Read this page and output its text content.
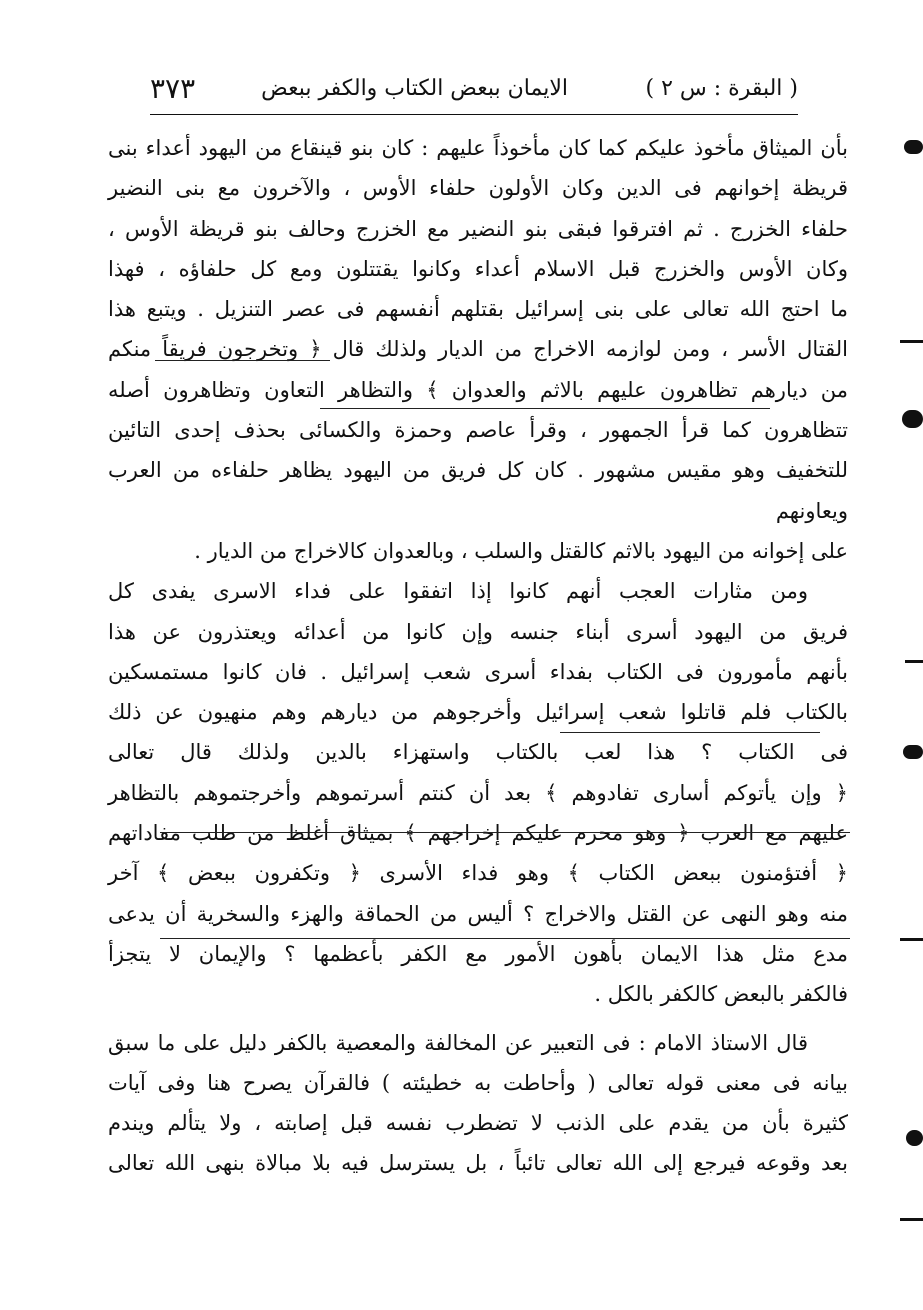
( البقرة : س ٢ )
الايمان ببعض الكتاب والكفر ببعض
٣٧٣

بأن الميثاق مأخوذ عليكم كما كان مأخوذاً عليهم : كان بنو قينقاع من اليهود أعداء بنى

قريظة إخوانهم فى الدين وكان الأولون حلفاء الأوس ، والآخرون مع بنى النضير

حلفاء الخزرج . ثم افترقوا فبقى بنو النضير مع الخزرج وحالف بنو قريظة الأوس ،

وكان الأوس والخزرج قبل الاسلام أعداء وكانوا يقتتلون ومع كل حلفاؤه ، فهذا

ما احتج الله تعالى على بنى إسرائيل بقتلهم أنفسهم فى عصر التنزيل . ويتبع هذا

القتال الأسر ، ومن لوازمه الاخراج من الديار ولذلك قال ﴿ وتخرجون فريقاً منكم

من ديارهم تظاهرون عليهم بالاثم والعدوان ﴾ والتظاهر التعاون وتظاهرون أصله

تتظاهرون كما قرأ الجمهور ، وقرأ عاصم وحمزة والكسائى بحذف إحدى التائين

للتخفيف وهو مقيس مشهور . كان كل فريق من اليهود يظاهر حلفاءه من العرب ويعاونهم

على إخوانه من اليهود بالاثم كالقتل والسلب ، وبالعدوان كالاخراج من الديار .

ومن مثارات العجب أنهم كانوا إذا اتفقوا على فداء الاسرى يفدى كل

فريق من اليهود أسرى أبناء جنسه وإن كانوا من أعدائه ويعتذرون عن هذا

بأنهم مأمورون فى الكتاب بفداء أسرى شعب إسرائيل . فان كانوا مستمسكين

بالكتاب فلم قاتلوا شعب إسرائيل وأخرجوهم من ديارهم وهم منهيون عن ذلك

فى الكتاب ؟ هذا لعب بالكتاب واستهزاء بالدين ولذلك قال تعالى

﴿ وإن يأتوكم أسارى تفادوهم ﴾ بعد أن كنتم أسرتموهم وأخرجتموهم بالتظاهر

عليهم مع العرب ﴿ وهو محرم عليكم إخراجهم ﴾ بميثاق أغلظ من طلب مفاداتهم

﴿ أفتؤمنون ببعض الكتاب ﴾ وهو فداء الأسرى ﴿ وتكفرون ببعض ﴾ آخر

منه وهو النهى عن القتل والاخراج ؟ أليس من الحماقة والهزء والسخرية أن يدعى

مدع مثل هذا الايمان بأهون الأمور مع الكفر بأعظمها ؟ والإيمان لا يتجزأ

فالكفر بالبعض كالكفر بالكل .

قال الاستاذ الامام : فى التعبير عن المخالفة والمعصية بالكفر دليل على ما سبق

بيانه فى معنى قوله تعالى ( وأحاطت به خطيئته ) فالقرآن يصرح هنا وفى آيات

كثيرة بأن من يقدم على الذنب لا تضطرب نفسه قبل إصابته ، ولا يتألم ويندم

بعد وقوعه فيرجع إلى الله تعالى تائباً ، بل يسترسل فيه بلا مبالاة بنهى الله تعالى
